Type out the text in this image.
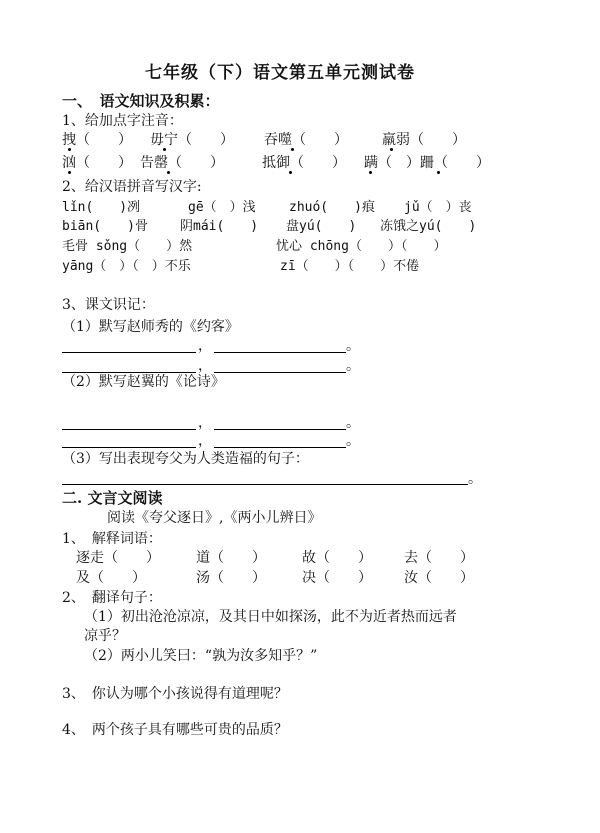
七年级（下）语文第五单元测试卷
一、　语文知识及积累：
1、给加点字注音：
拽（　　） 毋宁（　　） 吞噬（　　） 羸弱（　　）
汹（　　） 告罄（　　）	抵御（　　） 蹒（　）跚（　　）
2、给汉语拼音写汉字:
lǐn(　　)冽	gē（　）浅	zhuó(　　)痕 jǔ（　）丧
biān(　　)骨 阴mái(　　) 盘yú(　　) 冻饿之yú(　　)
毛骨 sǒng（　　）然	忧心 chōng（　　）（　　）
yāng（　）（　）不乐	zī（　　）（　　）不倦
3、课文识记：
（1）默写赵师秀的《约客》
，	。
，	。
（2）默写赵翼的《论诗》
，	。
，	。
（3）写出表现夸父为人类造福的句子：
。
二. 文言文阅读
阅读《夸父逐日》,《两小儿辨日》
1、　解释词语：
逐走（　　）	道（　　）	故（　　） 去（　　）
及（　　）	汤（　　）	决（　　） 汝（　　）
2、　翻译句子：
（1）初出沧沧凉凉，及其日中如探汤，此不为近者热而远者
凉乎？
（2）两小儿笑曰：“孰为汝多知乎？”
3、　你认为哪个小孩说得有道理呢？
4、　两个孩子具有哪些可贵的品质？
